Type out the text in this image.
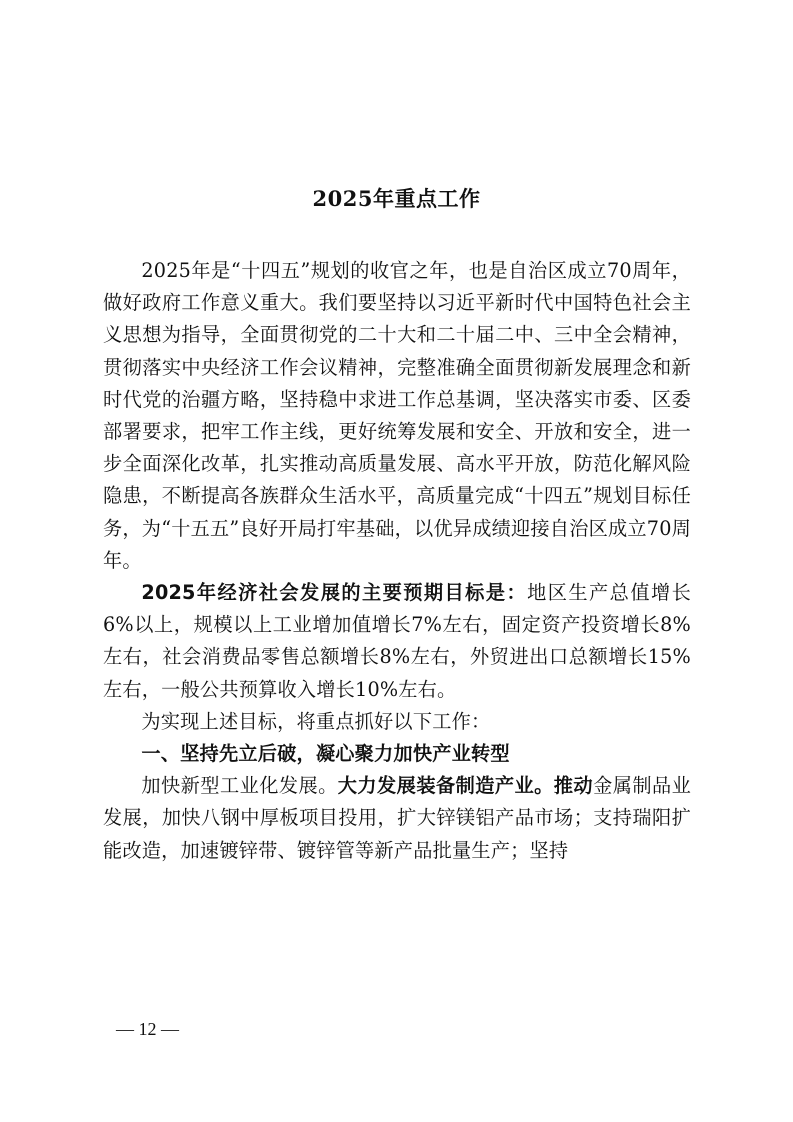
2025年重点工作

2025年是“十四五”规划的收官之年，也是自治区成立70周年，做好政府工作意义重大。我们要坚持以习近平新时代中国特色社会主义思想为指导，全面贯彻党的二十大和二十届二中、三中全会精神，贯彻落实中央经济工作会议精神，完整准确全面贯彻新发展理念和新时代党的治疆方略，坚持稳中求进工作总基调，坚决落实市委、区委部署要求，把牢工作主线，更好统筹发展和安全、开放和安全，进一步全面深化改革，扎实推动高质量发展、高水平开放，防范化解风险隐患，不断提高各族群众生活水平，高质量完成“十四五”规划目标任务，为“十五五”良好开局打牢基础，以优异成绩迎接自治区成立70周年。

2025年经济社会发展的主要预期目标是：地区生产总值增长6%以上，规模以上工业增加值增长7%左右，固定资产投资增长8%左右，社会消费品零售总额增长8%左右，外贸进出口总额增长15%左右，一般公共预算收入增长10%左右。

为实现上述目标，将重点抓好以下工作：

一、坚持先立后破，凝心聚力加快产业转型

加快新型工业化发展。大力发展装备制造产业。推动金属制品业发展，加快八钢中厚板项目投用，扩大锌镁铝产品市场；支持瑞阳扩能改造，加速镀锌带、镀锌管等新产品批量生产；坚持

— 12 —
